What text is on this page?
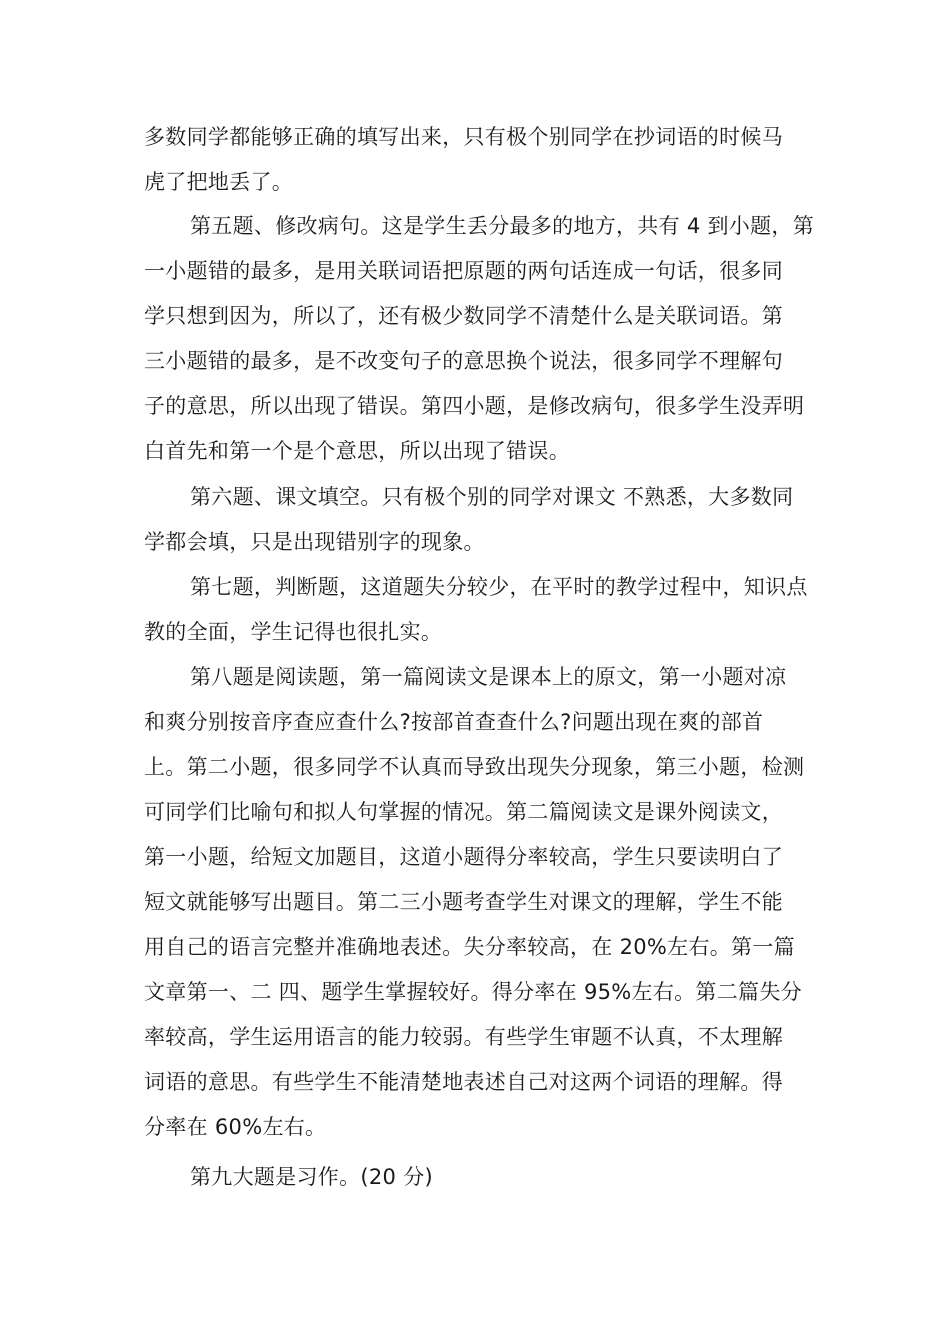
多数同学都能够正确的填写出来，只有极个别同学在抄词语的时候马
虎了把地丢了。
第五题、修改病句。这是学生丢分最多的地方，共有 4 到小题，第
一小题错的最多，是用关联词语把原题的两句话连成一句话，很多同
学只想到因为，所以了，还有极少数同学不清楚什么是关联词语。第
三小题错的最多，是不改变句子的意思换个说法，很多同学不理解句
子的意思，所以出现了错误。第四小题，是修改病句，很多学生没弄明
白首先和第一个是个意思，所以出现了错误。
第六题、课文填空。只有极个别的同学对课文 不熟悉，大多数同
学都会填，只是出现错别字的现象。
第七题，判断题，这道题失分较少，在平时的教学过程中，知识点
教的全面，学生记得也很扎实。
第八题是阅读题，第一篇阅读文是课本上的原文，第一小题对凉
和爽分别按音序查应查什么?按部首查查什么?问题出现在爽的部首
上。第二小题，很多同学不认真而导致出现失分现象，第三小题，检测
可同学们比喻句和拟人句掌握的情况。第二篇阅读文是课外阅读文，
第一小题，给短文加题目，这道小题得分率较高，学生只要读明白了
短文就能够写出题目。第二三小题考查学生对课文的理解，学生不能
用自己的语言完整并准确地表述。失分率较高，在 20%左右。第一篇
文章第一、二 四、题学生掌握较好。得分率在 95%左右。第二篇失分
率较高，学生运用语言的能力较弱。有些学生审题不认真，不太理解
词语的意思。有些学生不能清楚地表述自己对这两个词语的理解。得
分率在 60%左右。
第九大题是习作。(20 分)
